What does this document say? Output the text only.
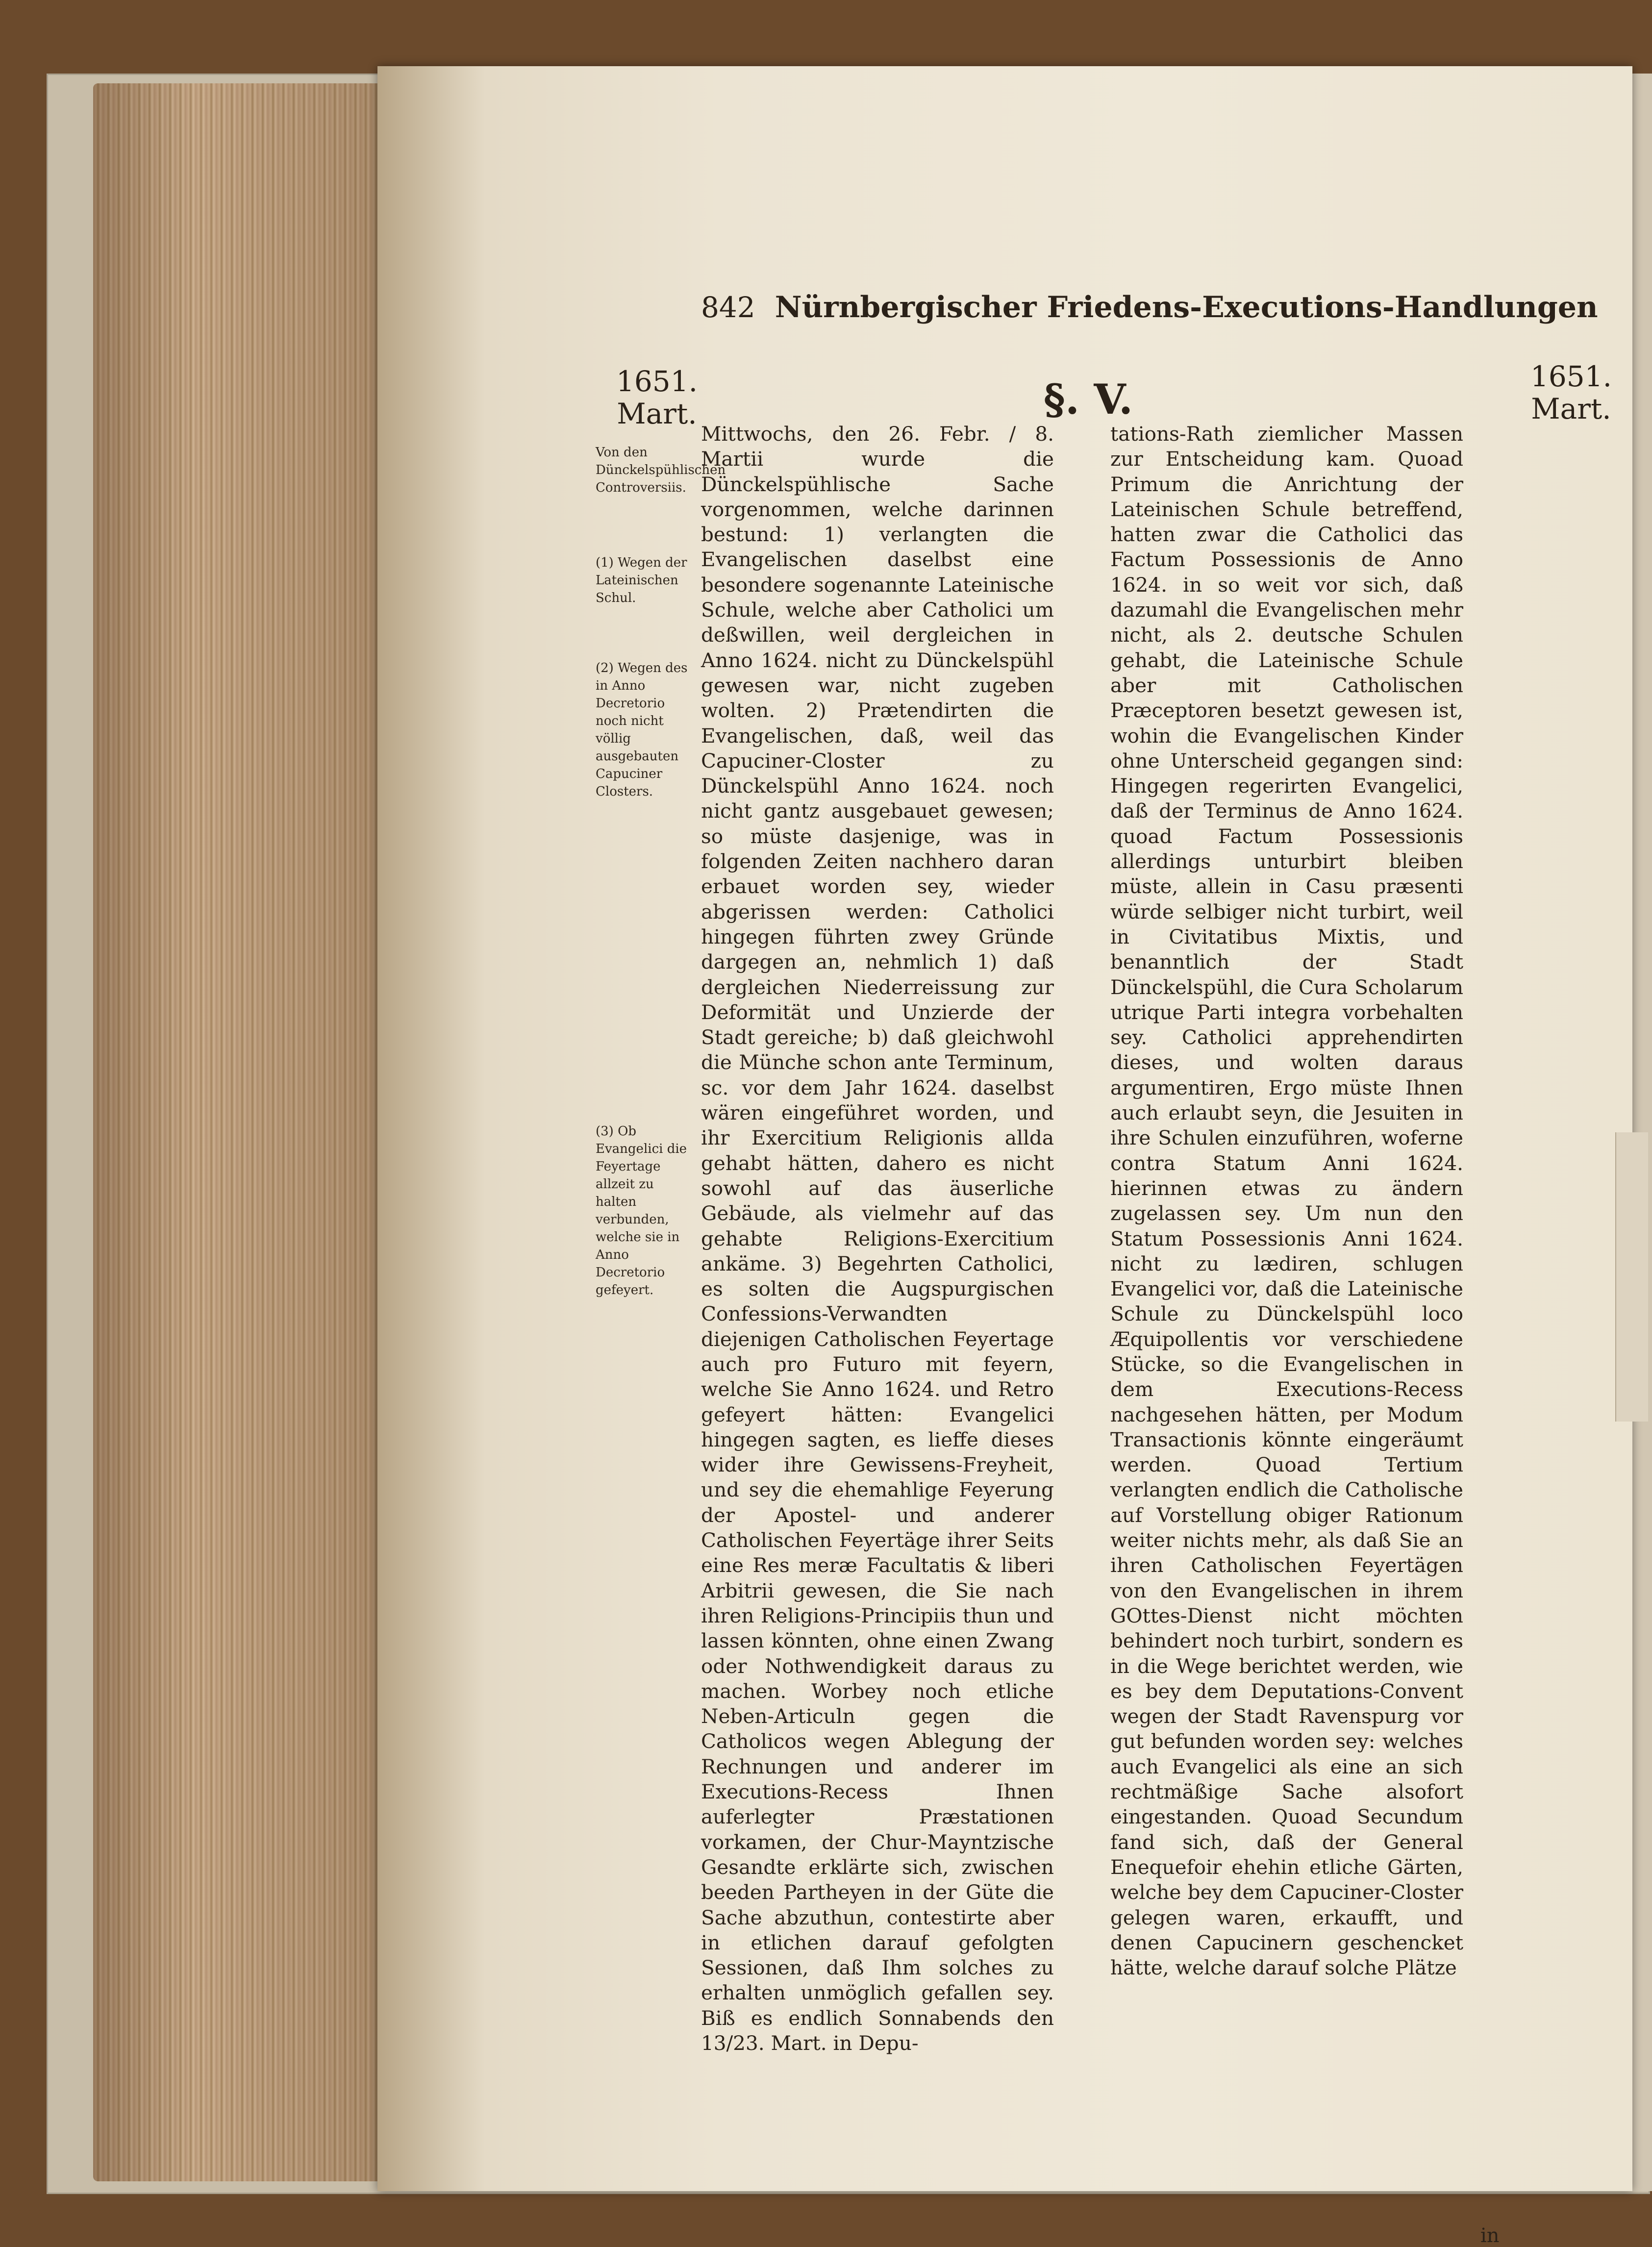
842 Nürnbergischer Friedens-Executions-Handlungen
1651.
Mart.
1651.
Mart.
§. V.
Von den Dünckelspühlischen Controversiis.
(1) Wegen der Lateinischen Schul.
(2) Wegen des in Anno Decretorio noch nicht völlig ausgebauten Capuciner Closters.
(3) Ob Evangelici die Feyertage allzeit zu halten verbunden, welche sie in Anno Decretorio gefeyert.

Mittwochs, den 26. Febr. / 8. Martii wurde die Dünckelspühlische Sache vorgenommen, welche darinnen bestund: 1) verlangten die Evangelischen daselbst eine besondere sogenannte Lateinische Schule, welche aber Catholici um deßwillen, weil dergleichen in Anno 1624. nicht zu Dünckelspühl gewesen war, nicht zugeben wolten. 2) Prætendirten die Evangelischen, daß, weil das Capuciner-Closter zu Dünckelspühl Anno 1624. noch nicht gantz ausgebauet gewesen; so müste dasjenige, was in folgenden Zeiten nachhero daran erbauet worden sey, wieder abgerissen werden: Catholici hingegen führten zwey Gründe dargegen an, nehmlich 1) daß dergleichen Niederreissung zur Deformität und Unzierde der Stadt gereiche; b) daß gleichwohl die Münche schon ante Terminum, sc. vor dem Jahr 1624. daselbst wären eingeführet worden, und ihr Exercitium Religionis allda gehabt hätten, dahero es nicht sowohl auf das äuserliche Gebäude, als vielmehr auf das gehabte Religions-Exercitium ankäme. 3) Begehrten Catholici, es solten die Augspurgischen Confessions-Verwandten diejenigen Catholischen Feyertage auch pro Futuro mit feyern, welche Sie Anno 1624. und Retro gefeyert hätten: Evangelici hingegen sagten, es lieffe dieses wider ihre Gewissens-Freyheit, und sey die ehemahlige Feyerung der Apostel- und anderer Catholischen Feyertäge ihrer Seits eine Res meræ Facultatis & liberi Arbitrii gewesen, die Sie nach ihren Religions-Principiis thun und lassen könnten, ohne einen Zwang oder Nothwendigkeit daraus zu machen. Worbey noch etliche Neben-Articuln gegen die Catholicos wegen Ablegung der Rechnungen und anderer im Executions-Recess Ihnen auferlegter Præstationen vorkamen, der Chur-Mayntzische Gesandte erklärte sich, zwischen beeden Partheyen in der Güte die Sache abzuthun, contestirte aber in etlichen darauf gefolgten Sessionen, daß Ihm solches zu erhalten unmöglich gefallen sey. Biß es endlich Sonnabends den 13/23. Mart. in Depu-

tations-Rath ziemlicher Massen zur Entscheidung kam. Quoad Primum die Anrichtung der Lateinischen Schule betreffend, hatten zwar die Catholici das Factum Possessionis de Anno 1624. in so weit vor sich, daß dazumahl die Evangelischen mehr nicht, als 2. deutsche Schulen gehabt, die Lateinische Schule aber mit Catholischen Præceptoren besetzt gewesen ist, wohin die Evangelischen Kinder ohne Unterscheid gegangen sind: Hingegen regerirten Evangelici, daß der Terminus de Anno 1624. quoad Factum Possessionis allerdings unturbirt bleiben müste, allein in Casu præsenti würde selbiger nicht turbirt, weil in Civitatibus Mixtis, und benanntlich der Stadt Dünckelspühl, die Cura Scholarum utrique Parti integra vorbehalten sey. Catholici apprehendirten dieses, und wolten daraus argumentiren, Ergo müste Ihnen auch erlaubt seyn, die Jesuiten in ihre Schulen einzuführen, woferne contra Statum Anni 1624. hierinnen etwas zu ändern zugelassen sey. Um nun den Statum Possessionis Anni 1624. nicht zu lædiren, schlugen Evangelici vor, daß die Lateinische Schule zu Dünckelspühl loco Æquipollentis vor verschiedene Stücke, so die Evangelischen in dem Executions-Recess nachgesehen hätten, per Modum Transactionis könnte eingeräumt werden. Quoad Tertium verlangten endlich die Catholische auf Vorstellung obiger Rationum weiter nichts mehr, als daß Sie an ihren Catholischen Feyertägen von den Evangelischen in ihrem GOttes-Dienst nicht möchten behindert noch turbirt, sondern es in die Wege berichtet werden, wie es bey dem Deputations-Convent wegen der Stadt Ravenspurg vor gut befunden worden sey: welches auch Evangelici als eine an sich rechtmäßige Sache alsofort eingestanden. Quoad Secundum fand sich, daß der General Enequefoir ehehin etliche Gärten, welche bey dem Capuciner-Closter gelegen waren, erkaufft, und denen Capucinern geschencket hätte, welche darauf solche Plätze

in
